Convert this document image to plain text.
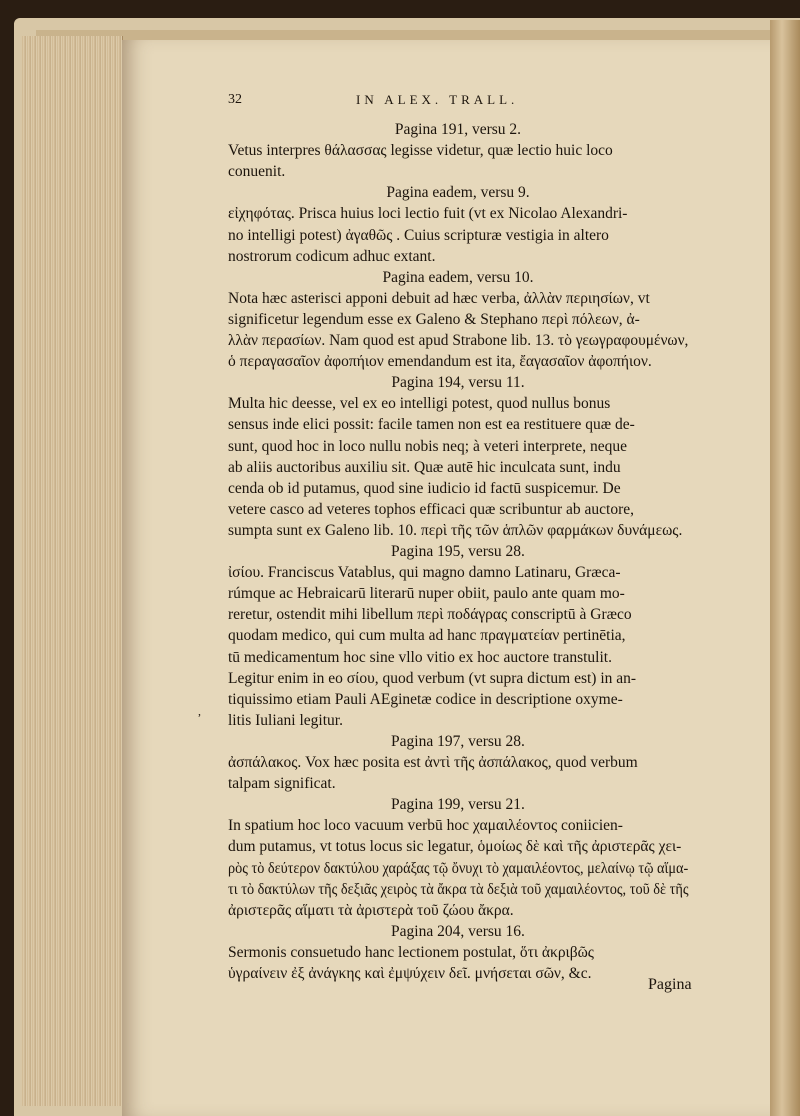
32	IN ALEX. TRALL.
Pagina 191, versu 2.
Vetus interpres θάλασσας legisse videtur, quæ lectio huic loco
conuenit.
Pagina eadem, versu 9.
εἰχηφότας. Prisca huius loci lectio fuit (vt ex Nicolao Alexandri-
no intelligi potest) ἀγαθῶς . Cuius scripturæ vestigia in altero
nostrorum codicum adhuc extant.
Pagina eadem, versu 10.
Nota hæc asterisci apponi debuit ad hæc verba, ἀλλὰν περιησίων, vt
significetur legendum esse ex Galeno & Stephano περὶ πόλεων, ἀ-
λλὰν περασίων. Nam quod est apud Strabone lib. 13. τὸ γεωγραφουμένων,
ὁ περαγασαῖον ἀφοπήιον emendandum est ita, ἔαγασαῖον ἀφοπήιον.
Pagina 194, versu 11.
Multa hic deesse, vel ex eo intelligi potest, quod nullus bonus
sensus inde elici possit: facile tamen non est ea restituere quæ de-
sunt, quod hoc in loco nullu nobis neq; à veteri interprete, neque
ab aliis auctoribus auxiliu sit. Quæ autē hic inculcata sunt, indu
cenda ob id putamus, quod sine iudicio id factū suspicemur. De
vetere casco ad veteres tophos efficaci quæ scribuntur ab auctore,
sumpta sunt ex Galeno lib. 10. περὶ τῆς τῶν ἁπλῶν φαρμάκων δυνάμεως.
Pagina 195, versu 28.
ἰσίου. Franciscus Vatablus, qui magno damno Latinaru, Græca-
rúmque ac Hebraicarū literarū nuper obiit, paulo ante quam mo-
reretur, ostendit mihi libellum περὶ ποδάγρας conscriptū à Græco
quodam medico, qui cum multa ad hanc πραγματείαν pertinētia,
tū medicamentum hoc sine vllo vitio ex hoc auctore transtulit.
Legitur enim in eo σίου, quod verbum (vt supra dictum est) in an-
tiquissimo etiam Pauli AEginetæ codice in descriptione oxyme-
litis Iuliani legitur.
Pagina 197, versu 28.
ἀσπάλακος. Vox hæc posita est ἀντὶ τῆς ἀσπάλακος, quod verbum
talpam significat.
Pagina 199, versu 21.
In spatium hoc loco vacuum verbū hoc χαμαιλέοντος coniicien-
dum putamus, vt totus locus sic legatur, ὁμοίως δὲ καὶ τῆς ἀριστερᾶς χει-
ρὸς τὸ δεύτερον δακτύλου χαράξας τῷ ὄνυχι τὸ χαμαιλέοντος, μελαίνῳ τῷ αἵμα-
τι τὸ δακτύλων τῆς δεξιᾶς χειρὸς τὰ ἄκρα τὰ δεξιὰ τοῦ χαμαιλέοντος, τοῦ δὲ τῆς
ἀριστερᾶς αἵματι τὰ ἀριστερὰ τοῦ ζώου ἄκρα.
Pagina 204, versu 16.
Sermonis consuetudo hanc lectionem postulat, ὅτι ἀκριβῶς
ὑγραίνειν ἐξ ἀνάγκης καὶ ἐμψύχειν δεῖ. μνήσεται σῶν, &c.
,
Pagina
